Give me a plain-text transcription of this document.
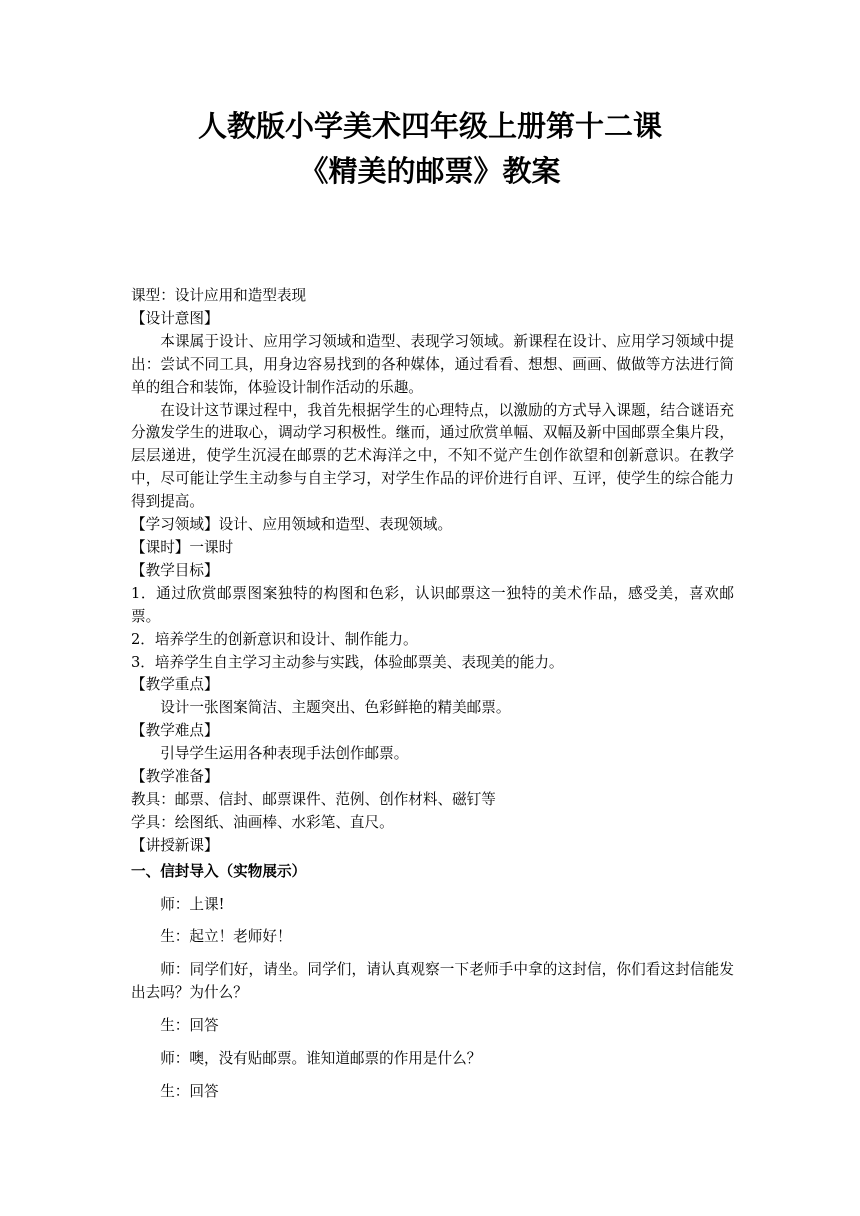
人教版小学美术四年级上册第十二课
《精美的邮票》教案

课型：设计应用和造型表现

【设计意图】

本课属于设计、应用学习领域和造型、表现学习领域。新课程在设计、应用学习领域中提出：尝试不同工具，用身边容易找到的各种媒体，通过看看、想想、画画、做做等方法进行简单的组合和装饰，体验设计制作活动的乐趣。

在设计这节课过程中，我首先根据学生的心理特点，以激励的方式导入课题，结合谜语充分激发学生的进取心，调动学习积极性。继而，通过欣赏单幅、双幅及新中国邮票全集片段，层层递进，使学生沉浸在邮票的艺术海洋之中，不知不觉产生创作欲望和创新意识。在教学中，尽可能让学生主动参与自主学习，对学生作品的评价进行自评、互评，使学生的综合能力得到提高。

【学习领域】设计、应用领域和造型、表现领域。

【课时】一课时

【教学目标】

1．通过欣赏邮票图案独特的构图和色彩，认识邮票这一独特的美术作品，感受美，喜欢邮票。

2．培养学生的创新意识和设计、制作能力。

3．培养学生自主学习主动参与实践，体验邮票美、表现美的能力。

【教学重点】

设计一张图案简洁、主题突出、色彩鲜艳的精美邮票。

【教学难点】

引导学生运用各种表现手法创作邮票。

【教学准备】

教具：邮票、信封、邮票课件、范例、创作材料、磁钉等

学具：绘图纸、油画棒、水彩笔、直尺。

【讲授新课】

一、信封导入（实物展示）

师：上课!

生：起立！老师好！

师：同学们好，请坐。同学们，请认真观察一下老师手中拿的这封信，你们看这封信能发出去吗？为什么？

生：回答

师：噢，没有贴邮票。谁知道邮票的作用是什么？

生：回答
